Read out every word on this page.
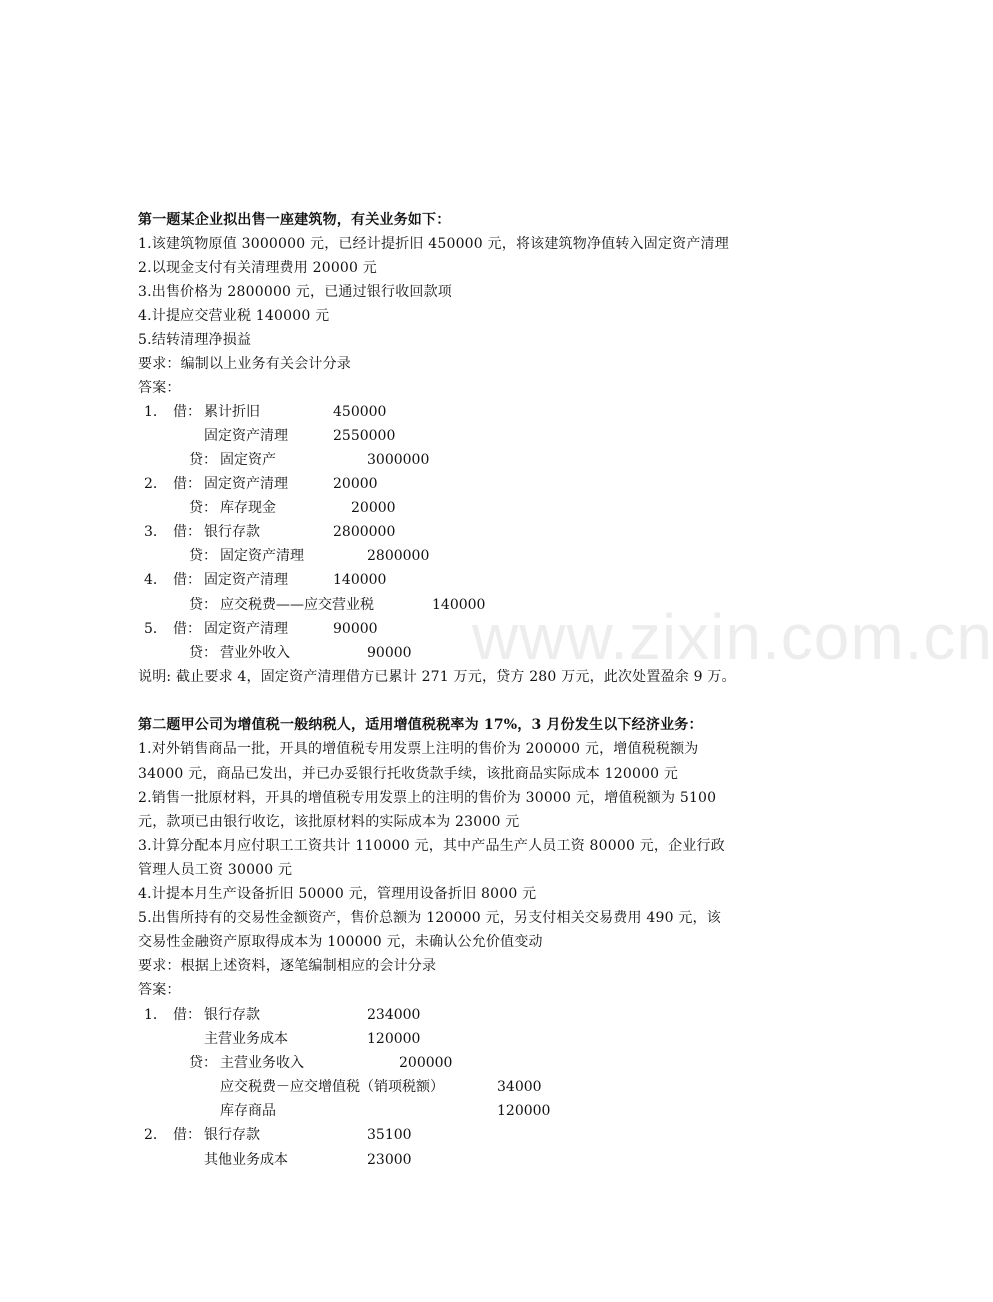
www.zixin.com.cn
第一题某企业拟出售一座建筑物，有关业务如下：
1.该建筑物原值 3000000 元，已经计提折旧 450000 元，将该建筑物净值转入固定资产清理
2.以现金支付有关清理费用 20000 元
3.出售价格为 2800000 元，已通过银行收回款项
4.计提应交营业税 140000 元
5.结转清理净损益
要求：编制以上业务有关会计分录
答案：
1． 借： 累计折旧	450000
固定资产清理	2550000
贷： 固定资产	3000000
2． 借： 固定资产清理	20000
贷： 库存现金	20000
3． 借： 银行存款	2800000
贷： 固定资产清理	2800000
4． 借： 固定资产清理	140000
贷： 应交税费——应交营业税	140000
5． 借： 固定资产清理	90000
贷： 营业外收入	90000
说明: 截止要求 4，固定资产清理借方已累计 271 万元，贷方 280 万元，此次处置盈余 9 万。
第二题甲公司为增值税一般纳税人，适用增值税税率为 17%，3 月份发生以下经济业务：
1.对外销售商品一批，开具的增值税专用发票上注明的售价为 200000 元，增值税税额为
34000 元，商品已发出，并已办妥银行托收货款手续，该批商品实际成本 120000 元
2.销售一批原材料，开具的增值税专用发票上的注明的售价为 30000 元，增值税额为 5100
元，款项已由银行收讫，该批原材料的实际成本为 23000 元
3.计算分配本月应付职工工资共计 110000 元，其中产品生产人员工资 80000 元，企业行政
管理人员工资 30000 元
4.计提本月生产设备折旧 50000 元，管理用设备折旧 8000 元
5.出售所持有的交易性金额资产，售价总额为 120000 元，另支付相关交易费用 490 元，该
交易性金融资产原取得成本为 100000 元，未确认公允价值变动
要求：根据上述资料，逐笔编制相应的会计分录
答案：
1． 借： 银行存款	234000
主营业务成本	120000
贷： 主营业务收入	200000
应交税费－应交增值税（销项税额）	34000
库存商品	120000
2． 借： 银行存款	35100
其他业务成本	23000
